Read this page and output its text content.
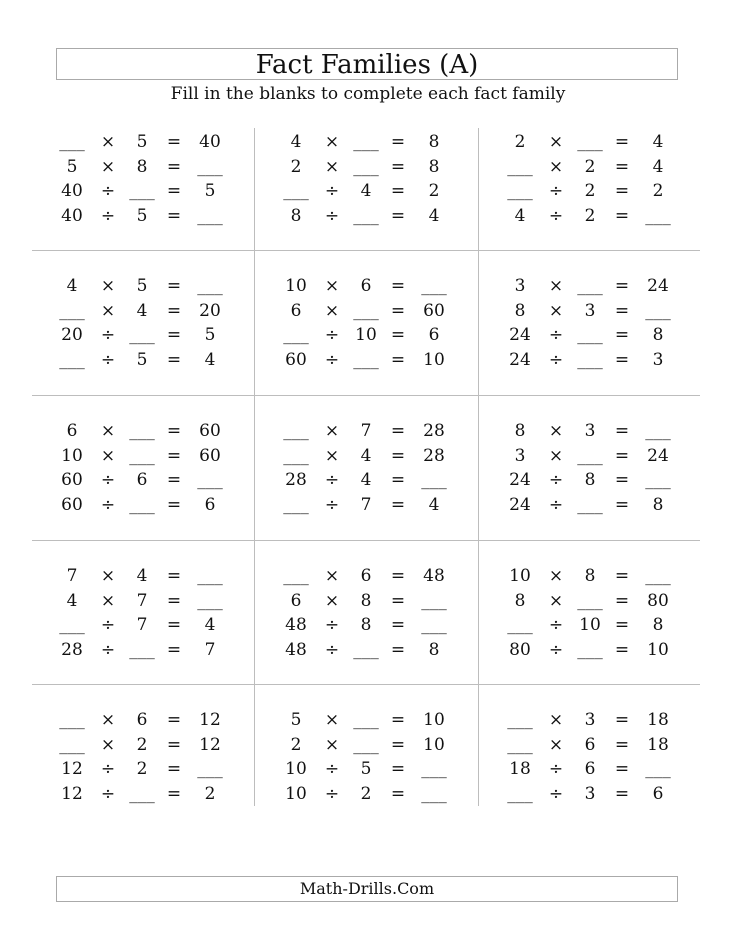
Fact Families (A)
Fill in the blanks to complete each fact family
___ ×	5	=	40
5	×	8	= ___
40	÷ ___ =	5
40	÷	5	= ___
4	× ___ =	8
2	× ___ =	8
___ ÷	4	=	2
8	÷ ___ =	4
2	× ___ =	4
___ ×	2	=	4
___ ÷	2	=	2
4	÷	2	= ___
4	×	5	= ___
___ ×	4	=	20
20	÷ ___ =	5
___ ÷	5	=	4
10	×	6	= ___
6	× ___ =	60
___ ÷ 10 =	6
60	÷ ___ =	10
3	× ___ =	24
8	×	3	= ___
24	÷ ___ =	8
24	÷ ___ =	3
6	× ___ =	60
10	× ___ =	60
60	÷	6	= ___
60	÷ ___ =	6
___ ×	7	=	28
___ ×	4	=	28
28	÷	4	= ___
___ ÷	7	=	4
8	×	3	= ___
3	× ___ =	24
24	÷	8	= ___
24	÷ ___ =	8
7	×	4	= ___
4	×	7	= ___
___ ÷	7	=	4
28	÷ ___ =	7
___ ×	6	=	48
6	×	8	= ___
48	÷	8	= ___
48	÷ ___ =	8
10	×	8	= ___
8	× ___ =	80
___ ÷ 10 =	8
80	÷ ___ =	10
___ ×	6	=	12
___ ×	2	=	12
12	÷	2	= ___
12	÷ ___ =	2
5	× ___ =	10
2	× ___ =	10
10	÷	5	= ___
10	÷	2	= ___
___ ×	3	=	18
___ ×	6	=	18
18	÷	6	= ___
___ ÷	3	=	6
Math-Drills.Com
